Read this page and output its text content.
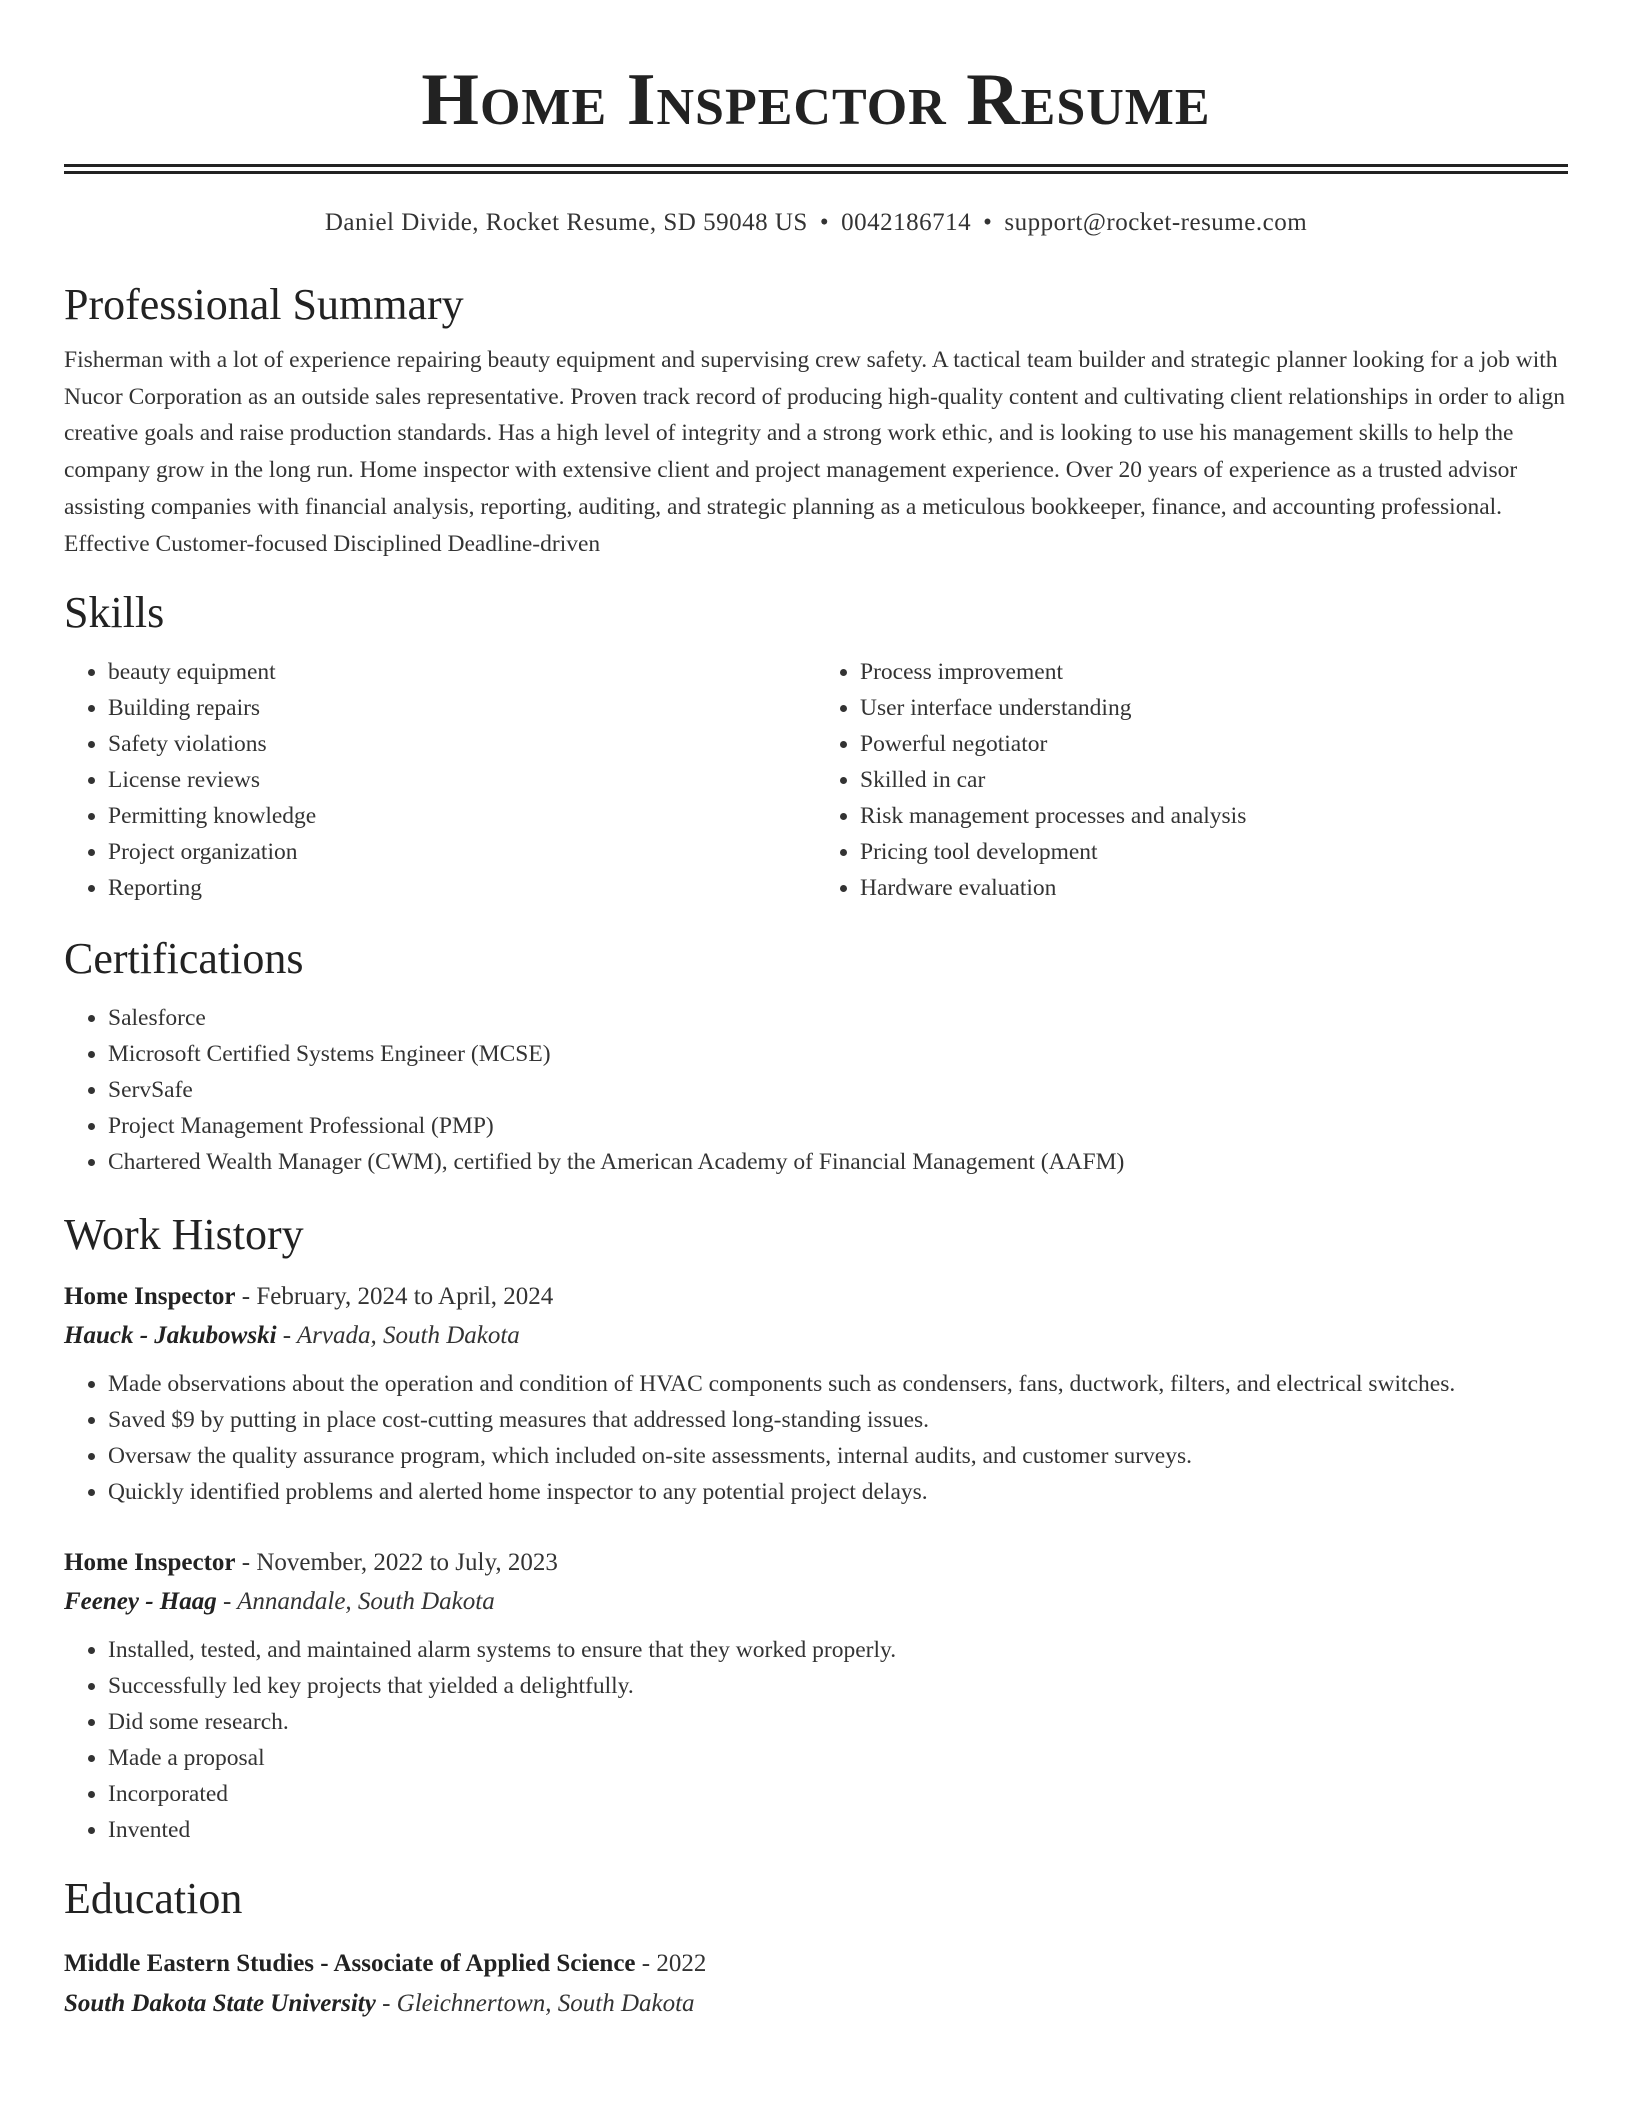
Home Inspector Resume
Daniel Divide, Rocket Resume, SD 59048 US • 0042186714 • support@rocket-resume.com
Professional Summary

Fisherman with a lot of experience repairing beauty equipment and supervising crew safety. A tactical team builder and strategic planner looking for a job with Nucor Corporation as an outside sales representative. Proven track record of producing high-quality content and cultivating client relationships in order to align creative goals and raise production standards. Has a high level of integrity and a strong work ethic, and is looking to use his management skills to help the company grow in the long run. Home inspector with extensive client and project management experience. Over 20 years of experience as a trusted advisor assisting companies with financial analysis, reporting, auditing, and strategic planning as a meticulous bookkeeper, finance, and accounting professional. Effective Customer-focused Disciplined Deadline-driven

Skills
• beauty equipment
• Building repairs
• Safety violations
• License reviews
• Permitting knowledge
• Project organization
• Reporting
• Process improvement
• User interface understanding
• Powerful negotiator
• Skilled in car
• Risk management processes and analysis
• Pricing tool development
• Hardware evaluation
Certifications
• Salesforce
• Microsoft Certified Systems Engineer (MCSE)
• ServSafe
• Project Management Professional (PMP)
• Chartered Wealth Manager (CWM), certified by the American Academy of Financial Management (AAFM)
Work History
Home Inspector - February, 2024 to April, 2024
Hauck - Jakubowski - Arvada, South Dakota
• Made observations about the operation and condition of HVAC components such as condensers, fans, ductwork, filters, and electrical switches.
• Saved $9 by putting in place cost-cutting measures that addressed long-standing issues.
• Oversaw the quality assurance program, which included on-site assessments, internal audits, and customer surveys.
• Quickly identified problems and alerted home inspector to any potential project delays.
Home Inspector - November, 2022 to July, 2023
Feeney - Haag - Annandale, South Dakota
• Installed, tested, and maintained alarm systems to ensure that they worked properly.
• Successfully led key projects that yielded a delightfully.
• Did some research.
• Made a proposal
• Incorporated
• Invented
Education
Middle Eastern Studies - Associate of Applied Science - 2022
South Dakota State University - Gleichnertown, South Dakota
